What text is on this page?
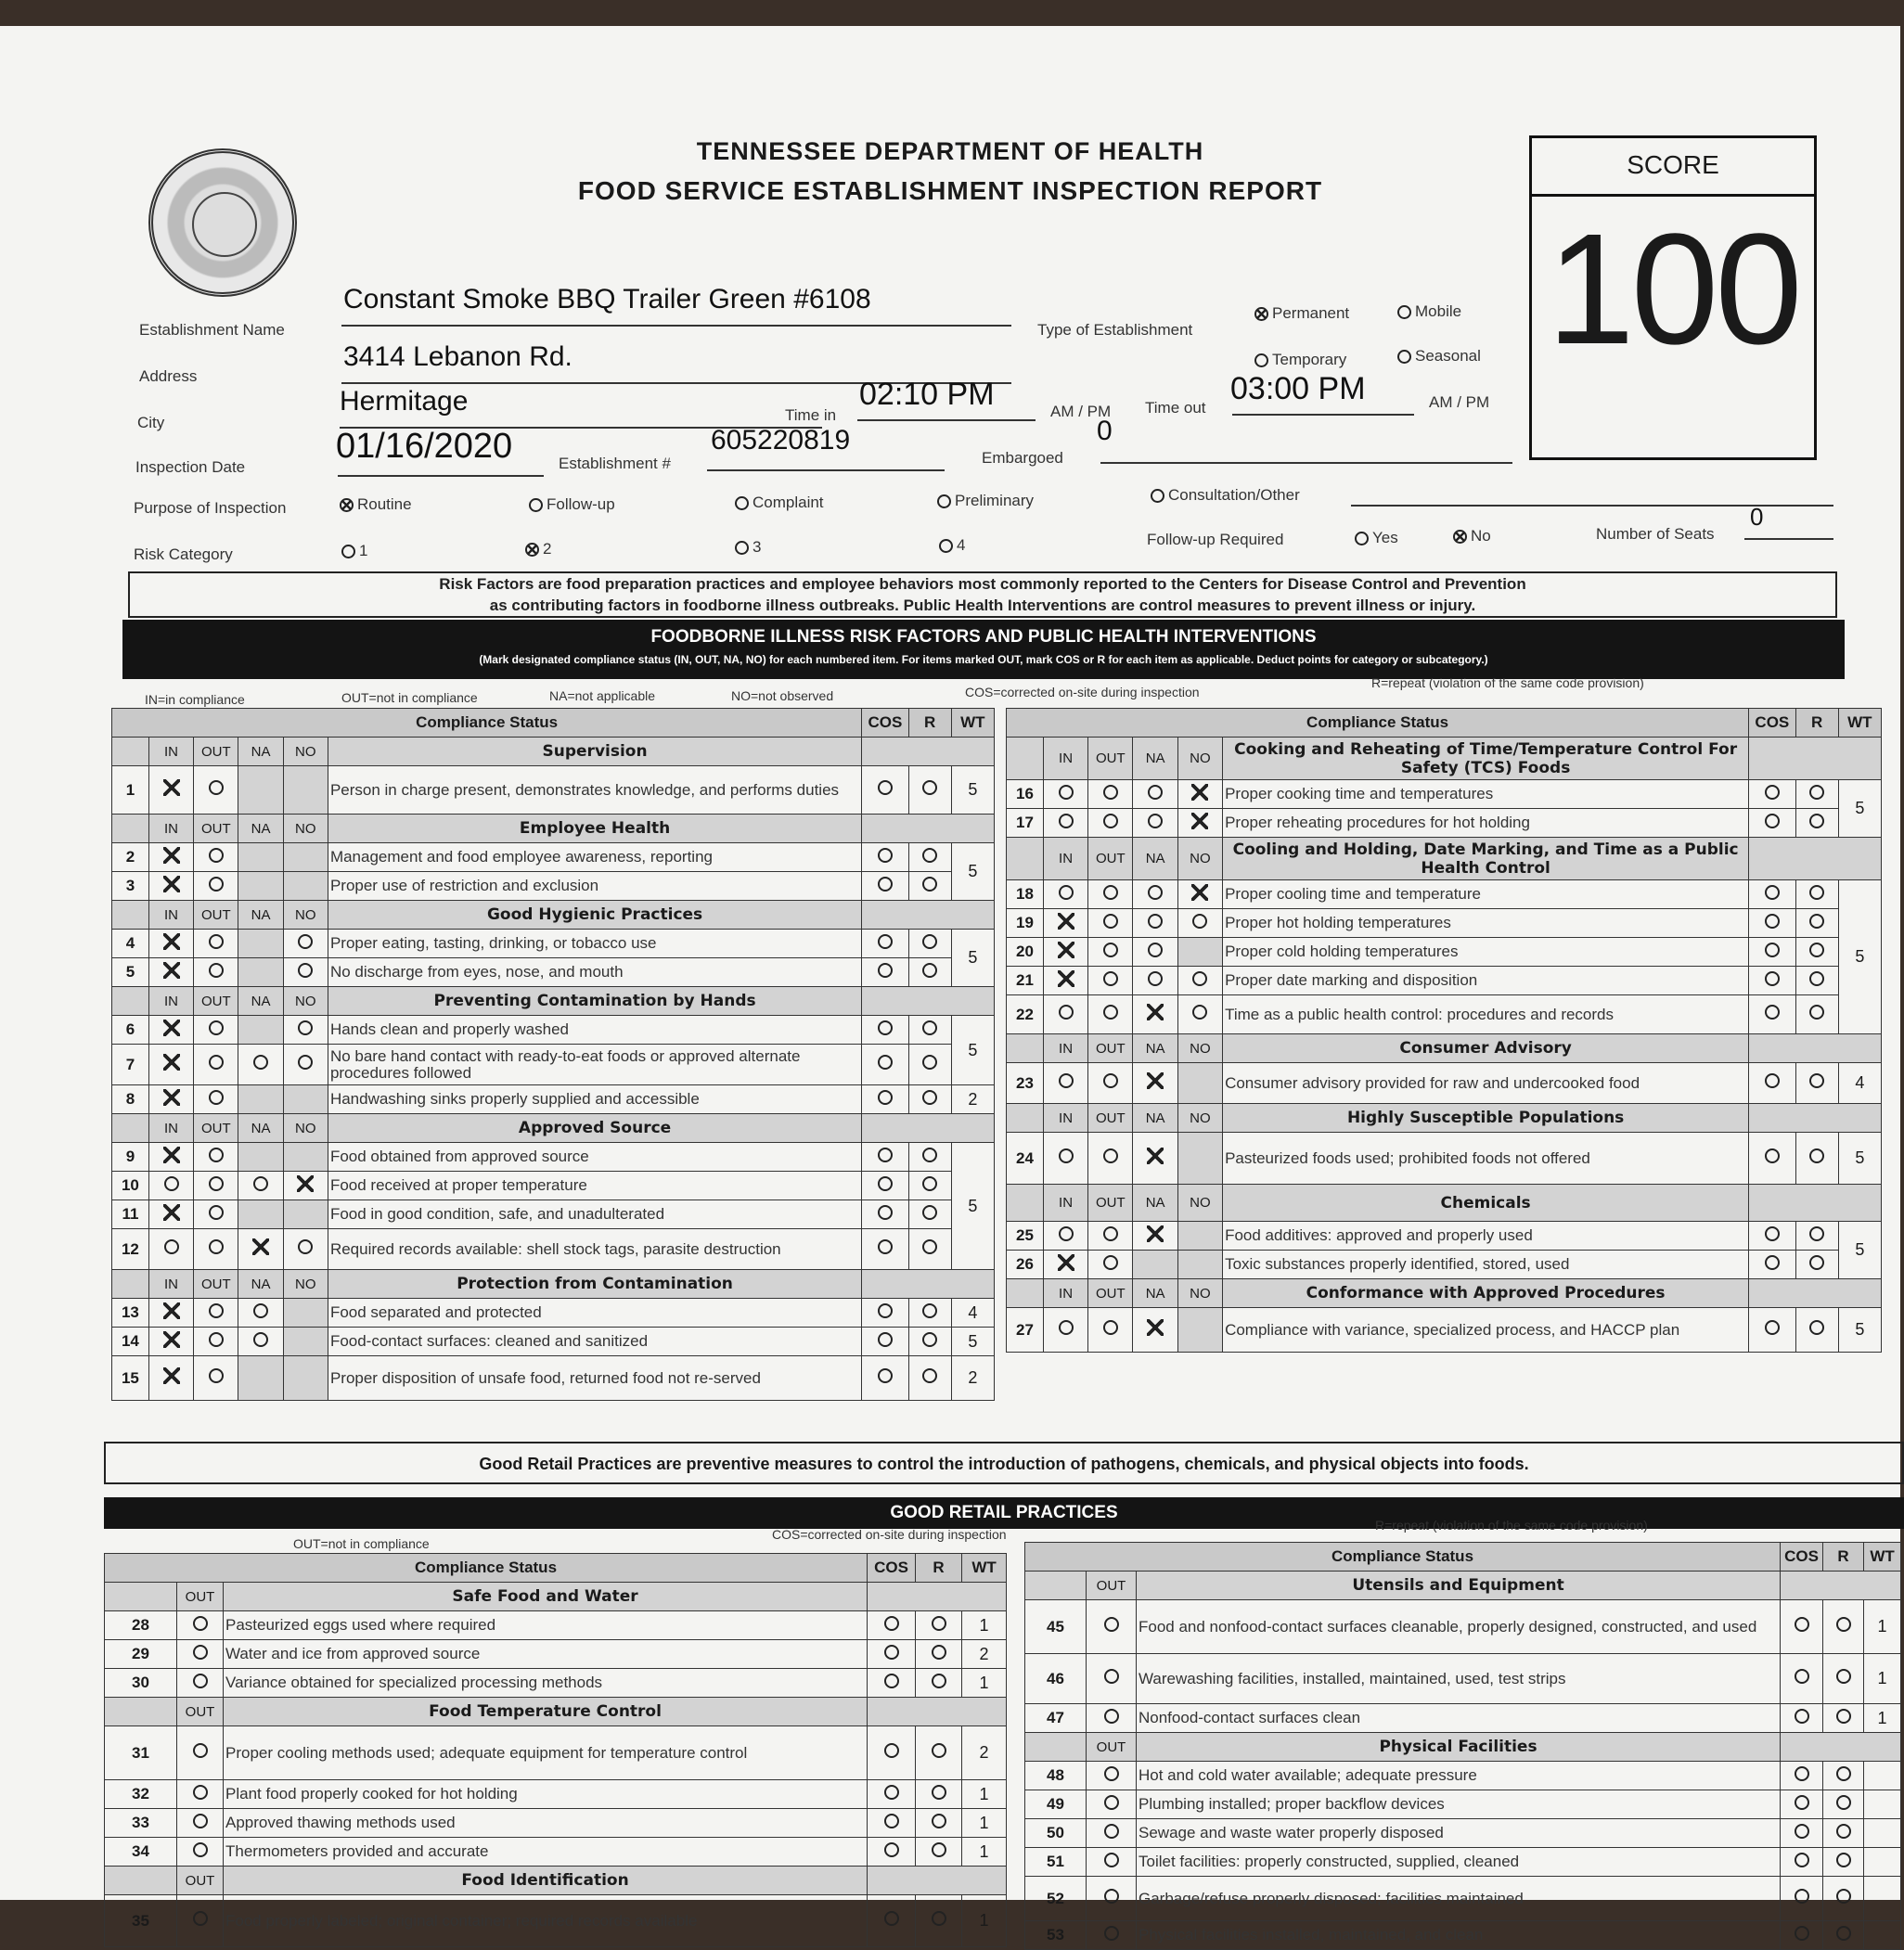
TENNESSEE DEPARTMENT OF HEALTH
FOOD SERVICE ESTABLISHMENT INSPECTION REPORT
SCORE
100
Establishment Name
Constant Smoke BBQ Trailer Green #6108
Type of Establishment
Permanent	Mobile
Temporary	Seasonal
Address
3414 Lebanon Rd.
City
Hermitage	Time in
02:10 PM	AM / PM Time out
03:00 PM	AM / PM
Inspection Date
01/16/2020	Establishment #
605220819
Embargoed
0
Purpose of Inspection	Routine	Follow-up	Complaint	Preliminary	Consultation/Other
Risk Category	1	2	3	4	Follow-up Required	Yes	No	Number of Seats
0
Risk Factors are food preparation practices and employee behaviors most commonly reported to the Centers for Disease Control and Prevention
as contributing factors in foodborne illness outbreaks. Public Health Interventions are control measures to prevent illness or injury.
FOODBORNE ILLNESS RISK FACTORS AND PUBLIC HEALTH INTERVENTIONS
(Mark designated compliance status (IN, OUT, NA, NO) for each numbered item. For items marked OUT, mark COS or R for each item as applicable. Deduct points for category or subcategory.)
IN=in compliance	OUT=not in compliance	NA=not applicable	NO=not observed	COS=corrected on-site during inspection
R=repeat (violation of the same code provision)
Compliance Status						COS	R	WT
	IN	OUT	NA	NO	Supervision			
1					Person in charge present, demonstrates knowledge, and performs duties			5
	IN	OUT	NA	NO	Employee Health			
2					Management and food employee awareness, reporting			5
3					Proper use of restriction and exclusion			
	IN	OUT	NA	NO	Good Hygienic Practices			
4					Proper eating, tasting, drinking, or tobacco use			5
5					No discharge from eyes, nose, and mouth			
	IN	OUT	NA	NO	Preventing Contamination by Hands			
6					Hands clean and properly washed			5
7					No bare hand contact with ready-to-eat foods or approved alternate procedures followed			
8					Handwashing sinks properly supplied and accessible			2
	IN	OUT	NA	NO	Approved Source			
9					Food obtained from approved source			5
10					Food received at proper temperature			
11					Food in good condition, safe, and unadulterated			
12					Required records available: shell stock tags, parasite destruction			
	IN	OUT	NA	NO	Protection from Contamination			
13					Food separated and protected			4
14					Food-contact surfaces: cleaned and sanitized			5
15					Proper disposition of unsafe food, returned food not re-served			2
Compliance Status						COS	R	WT
	IN	OUT	NA	NO	Cooking and Reheating of Time/Temperature Control For Safety (TCS) Foods			
16					Proper cooking time and temperatures			5
17					Proper reheating procedures for hot holding			
	IN	OUT	NA	NO	Cooling and Holding, Date Marking, and Time as a Public Health Control			
18					Proper cooling time and temperature			5
19					Proper hot holding temperatures			
20					Proper cold holding temperatures			
21					Proper date marking and disposition			
22					Time as a public health control: procedures and records			
	IN	OUT	NA	NO	Consumer Advisory			
23					Consumer advisory provided for raw and undercooked food			4
	IN	OUT	NA	NO	Highly Susceptible Populations			
24					Pasteurized foods used; prohibited foods not offered			5
	IN	OUT	NA	NO	Chemicals			
25					Food additives: approved and properly used			5
26					Toxic substances properly identified, stored, used			
	IN	OUT	NA	NO	Conformance with Approved Procedures			
27					Compliance with variance, specialized process, and HACCP plan			5
Good Retail Practices are preventive measures to control the introduction of pathogens, chemicals, and physical objects into foods.
GOOD RETAIL PRACTICES
OUT=not in compliance
COS=corrected on-site during inspection
R=repeat (violation of the same code provision)
Compliance Status			COS	R	WT
	OUT	Safe Food and Water			
28		Pasteurized eggs used where required			1
29		Water and ice from approved source			2
30		Variance obtained for specialized processing methods			1
	OUT	Food Temperature Control			
31		Proper cooling methods used; adequate equipment for temperature control			2
32		Plant food properly cooked for hot holding			1
33		Approved thawing methods used			1
34		Thermometers provided and accurate			1
	OUT	Food Identification			
35		Food properly labeled; original container; required records available			1
Compliance Status			COS	R	WT
	OUT	Utensils and Equipment			
45		Food and nonfood-contact surfaces cleanable, properly designed, constructed, and used			1
46		Warewashing facilities, installed, maintained, used, test strips			1
47		Nonfood-contact surfaces clean			1
	OUT	Physical Facilities			
48		Hot and cold water available; adequate pressure			
49		Plumbing installed; proper backflow devices			
50		Sewage and waste water properly disposed			
51		Toilet facilities: properly constructed, supplied, cleaned			
52		Garbage/refuse properly disposed; facilities maintained			
53		Physical facilities installed, maintained, and clean			
